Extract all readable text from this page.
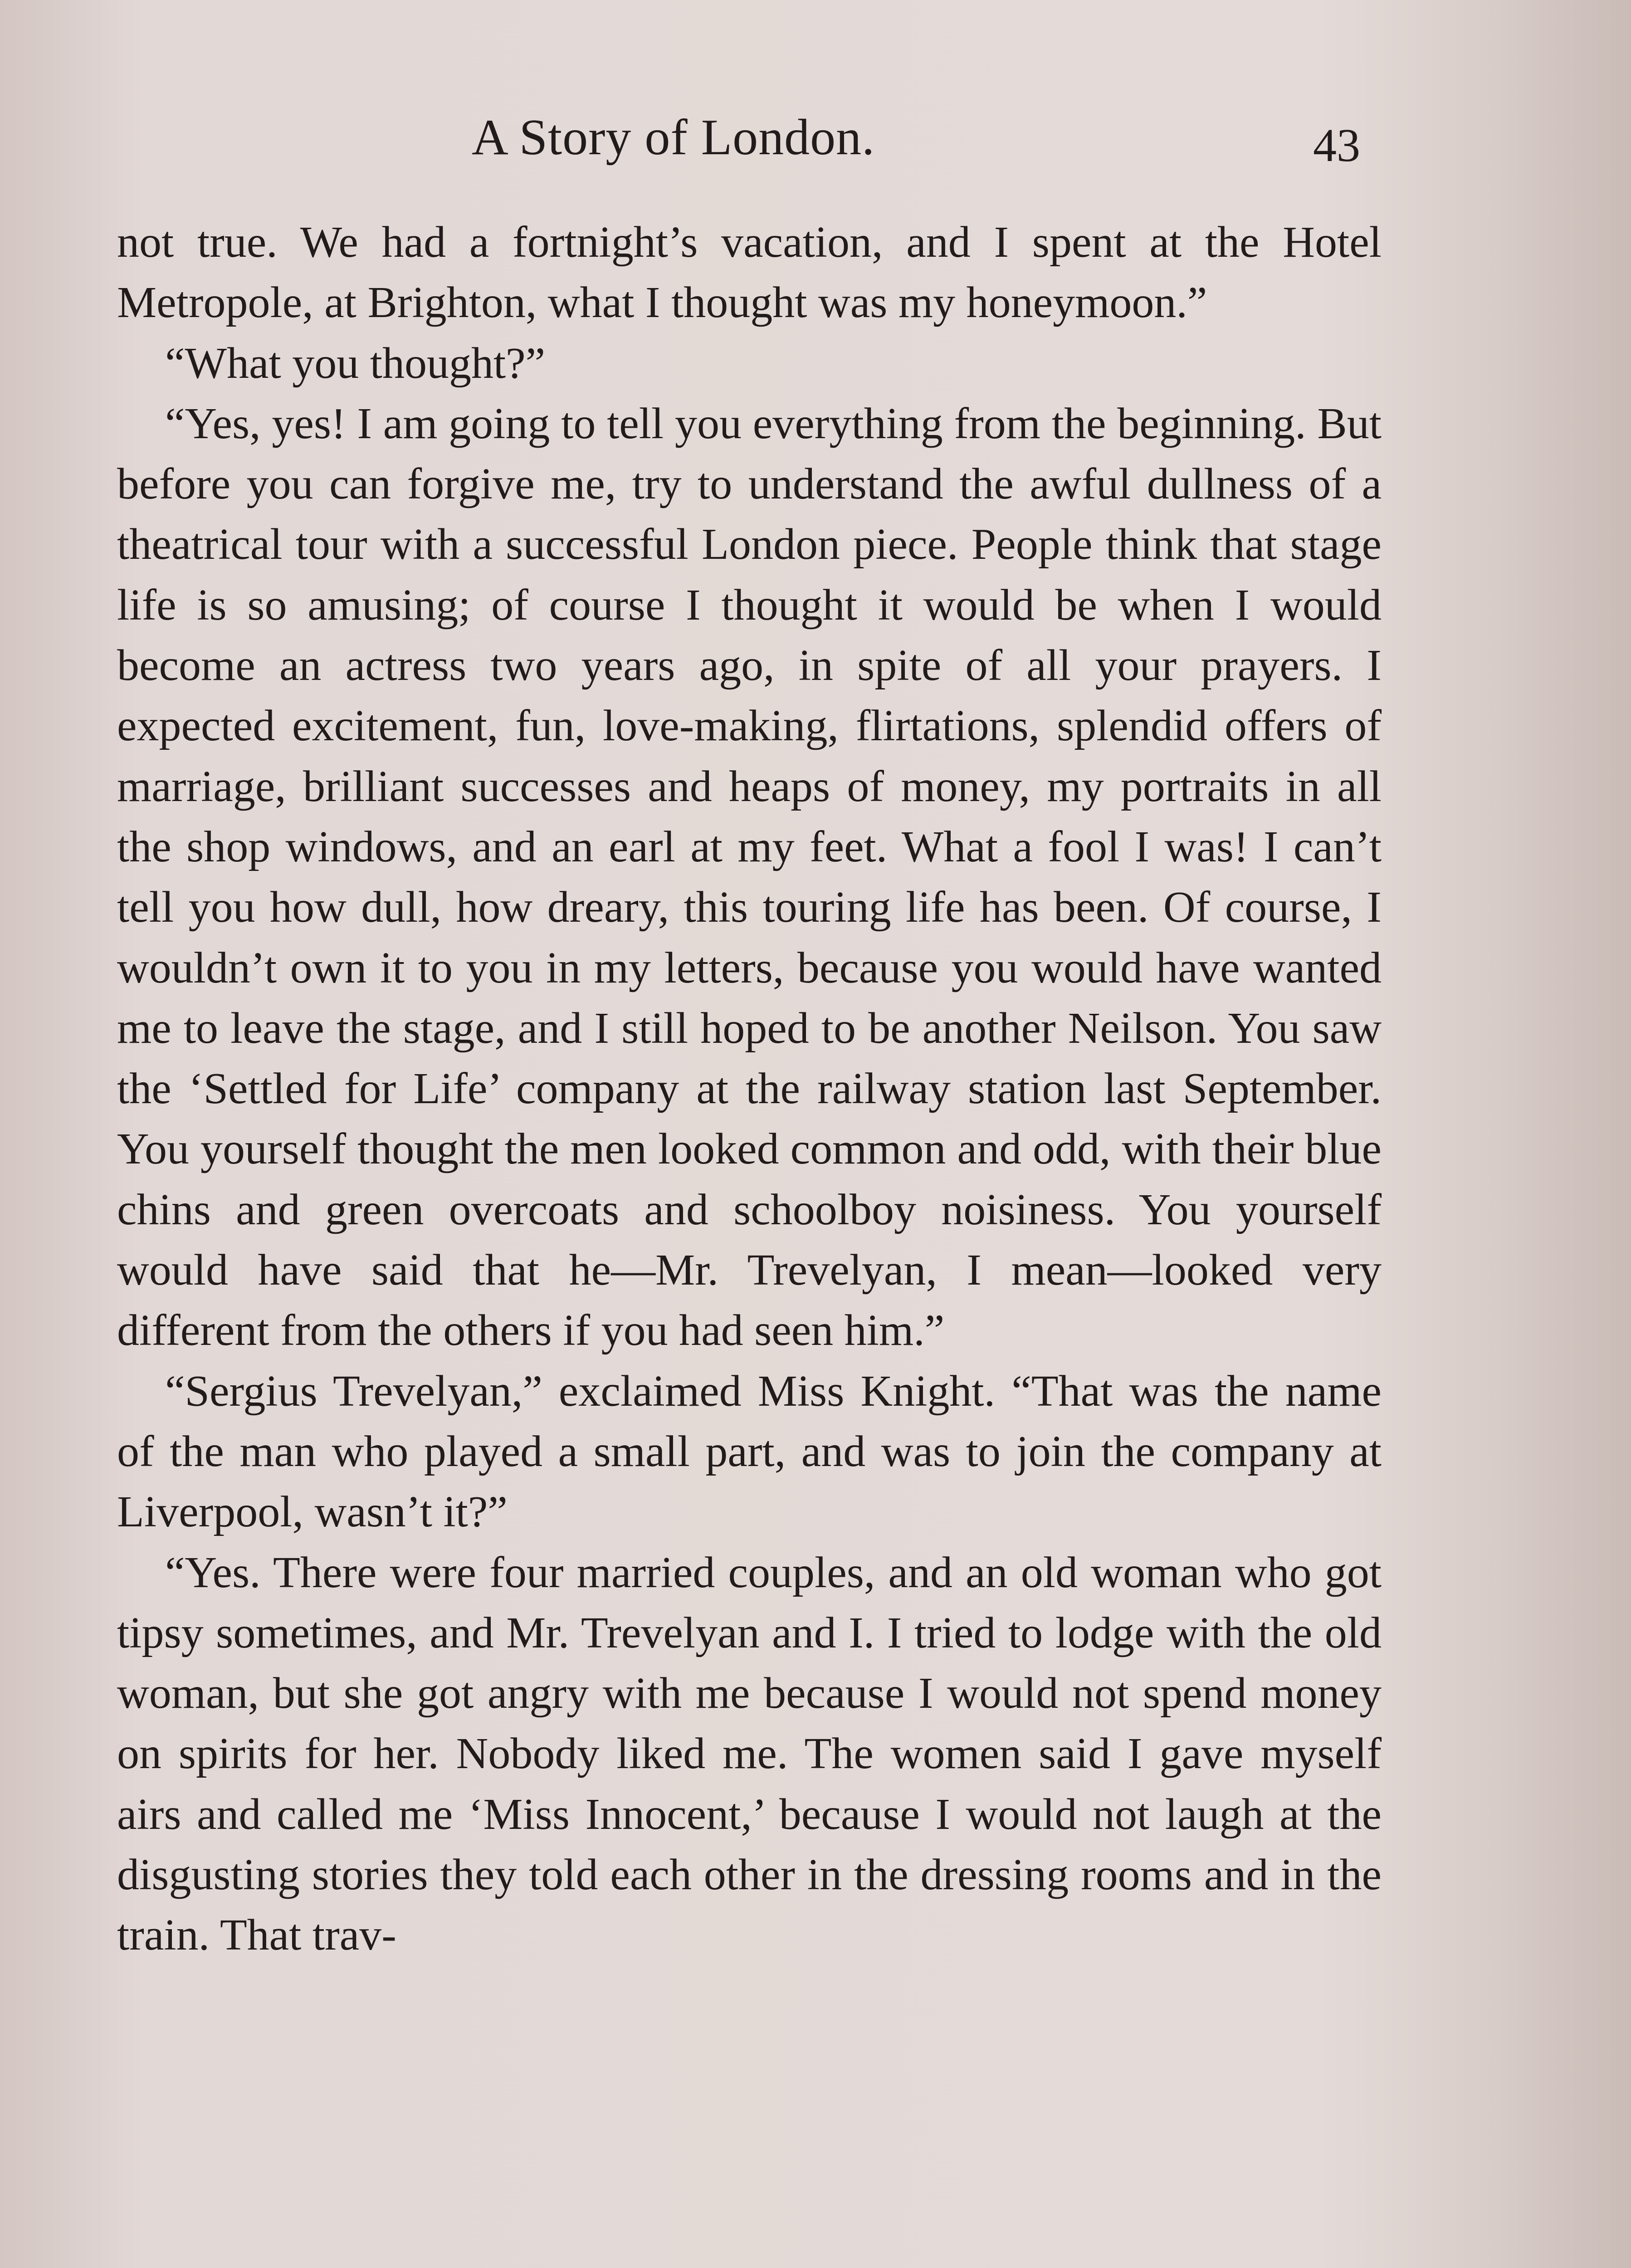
A Story of London.	43

not true. We had a fortnight’s vacation, and I spent at the Hotel Metropole, at Brighton, what I thought was my honeymoon.”

“What you thought?”

“Yes, yes! I am going to tell you everything from the beginning. But before you can forgive me, try to understand the awful dullness of a theatrical tour with a successful London piece. People think that stage life is so amusing; of course I thought it would be when I would become an actress two years ago, in spite of all your prayers. I expected excitement, fun, love-making, flirtations, splendid offers of marriage, brilliant successes and heaps of money, my portraits in all the shop windows, and an earl at my feet. What a fool I was! I can’t tell you how dull, how dreary, this touring life has been. Of course, I wouldn’t own it to you in my letters, because you would have wanted me to leave the stage, and I still hoped to be another Neilson. You saw the ‘Settled for Life’ company at the railway station last September. You yourself thought the men looked common and odd, with their blue chins and green overcoats and schoolboy noisiness. You yourself would have said that he—Mr. Trevelyan, I mean—looked very different from the others if you had seen him.”

“Sergius Trevelyan,” exclaimed Miss Knight. “That was the name of the man who played a small part, and was to join the company at Liverpool, wasn’t it?”

“Yes. There were four married couples, and an old woman who got tipsy sometimes, and Mr. Trevelyan and I. I tried to lodge with the old woman, but she got angry with me because I would not spend money on spirits for her. Nobody liked me. The women said I gave myself airs and called me ‘Miss Innocent,’ because I would not laugh at the disgusting stories they told each other in the dressing rooms and in the train. That trav-
